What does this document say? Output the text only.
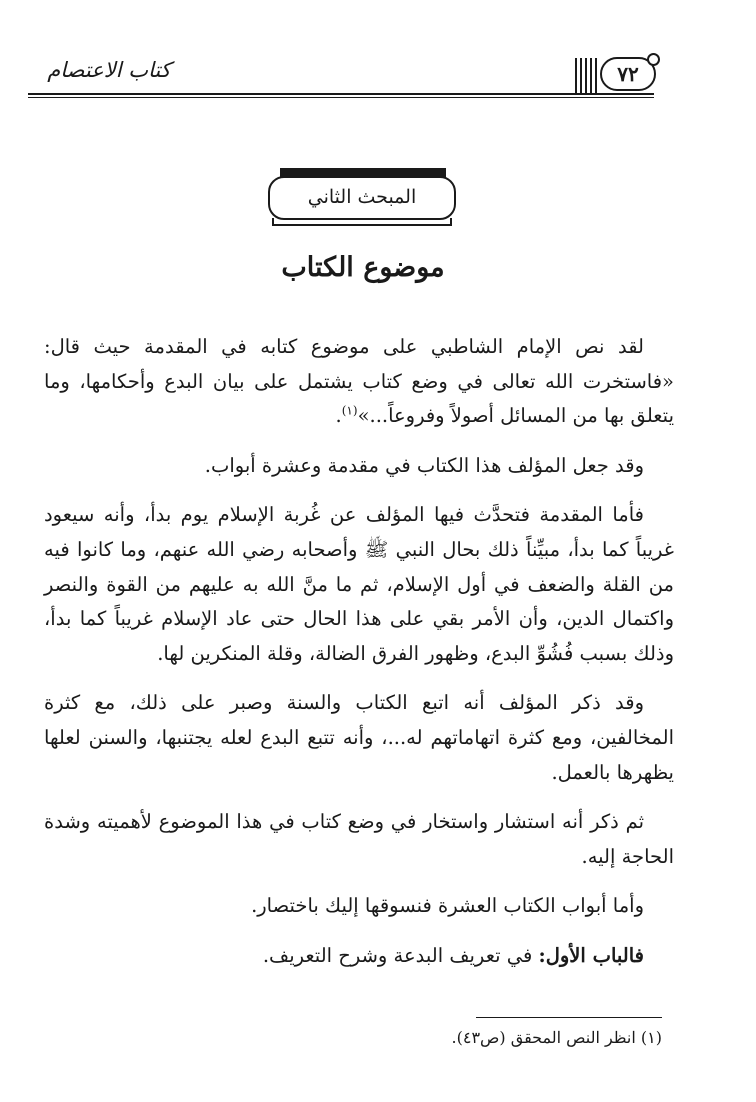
كتاب الاعتصام	٧٢
المبحث الثاني
موضوع الكتاب

لقد نص الإمام الشاطبي على موضوع كتابه في المقدمة حيث قال: «فاستخرت الله تعالى في وضع كتاب يشتمل على بيان البدع وأحكامها، وما يتعلق بها من المسائل أصولاً وفروعاً...»$^{(١)}$.

وقد جعل المؤلف هذا الكتاب في مقدمة وعشرة أبواب.

فأما المقدمة فتحدَّث فيها المؤلف عن غُربة الإسلام يوم بدأ، وأنه سيعود غريباً كما بدأ، مبيِّناً ذلك بحال النبي ﷺ وأصحابه رضي الله عنهم، وما كانوا فيه من القلة والضعف في أول الإسلام، ثم ما منَّ الله به عليهم من القوة والنصر واكتمال الدين، وأن الأمر بقي على هذا الحال حتى عاد الإسلام غريباً كما بدأ، وذلك بسبب فُشُوِّ البدع، وظهور الفرق الضالة، وقلة المنكرين لها.

وقد ذكر المؤلف أنه اتبع الكتاب والسنة وصبر على ذلك، مع كثرة المخالفين، ومع كثرة اتهاماتهم له...، وأنه تتبع البدع لعله يجتنبها، والسنن لعلها يظهرها بالعمل.

ثم ذكر أنه استشار واستخار في وضع كتاب في هذا الموضوع لأهميته وشدة الحاجة إليه.

وأما أبواب الكتاب العشرة فنسوقها إليك باختصار.

فالباب الأول: في تعريف البدعة وشرح التعريف.

(١) انظر النص المحقق (ص٤٣).
